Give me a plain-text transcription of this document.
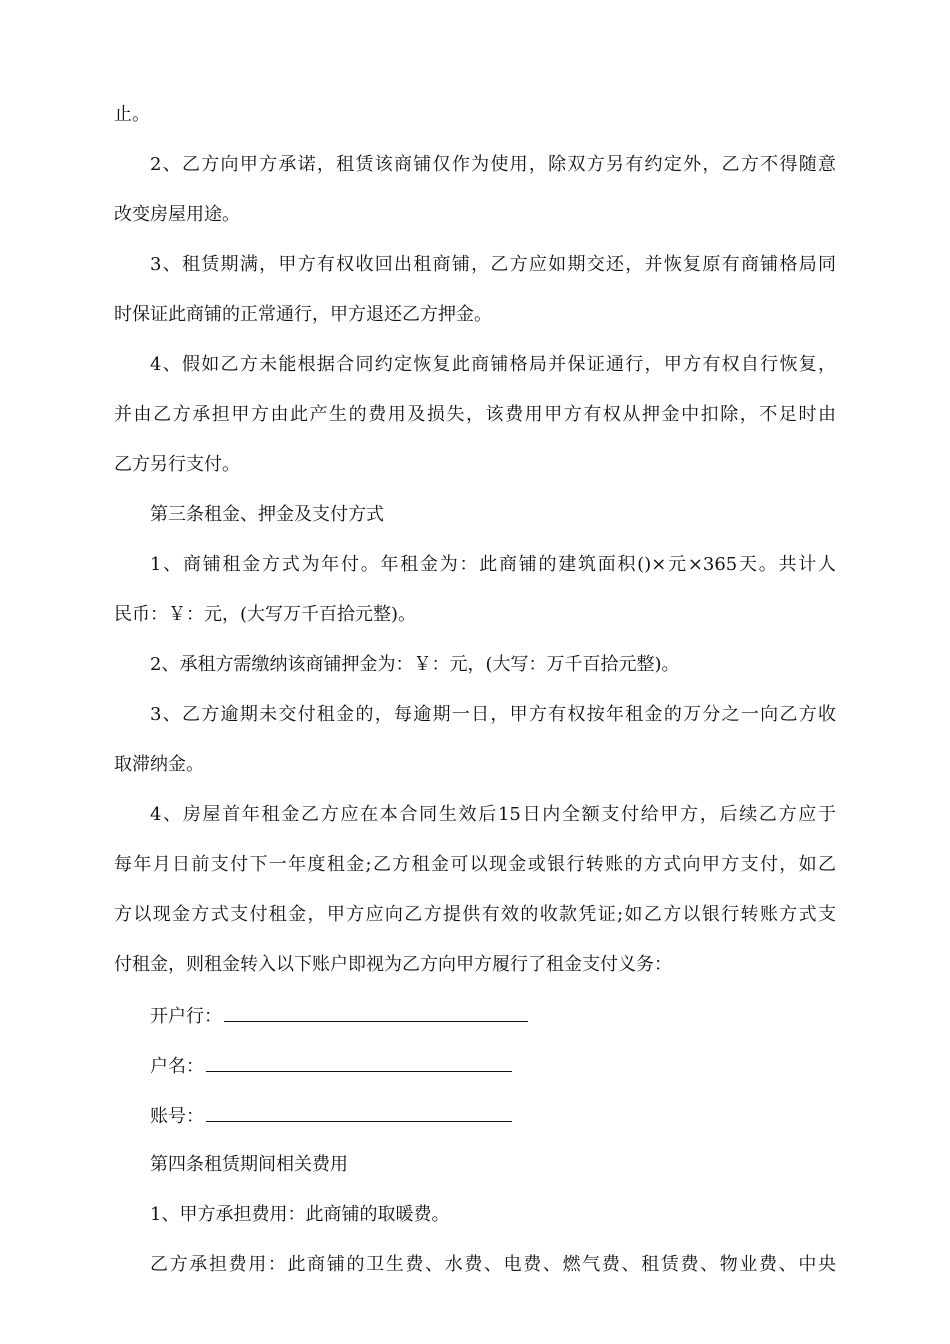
止。
2、乙方向甲方承诺，租赁该商铺仅作为使用，除双方另有约定外，乙方不得随意
改变房屋用途。
3、租赁期满，甲方有权收回出租商铺，乙方应如期交还，并恢复原有商铺格局同
时保证此商铺的正常通行，甲方退还乙方押金。
4、假如乙方未能根据合同约定恢复此商铺格局并保证通行，甲方有权自行恢复，
并由乙方承担甲方由此产生的费用及损失，该费用甲方有权从押金中扣除，不足时由
乙方另行支付。
第三条租金、押金及支付方式
1、商铺租金方式为年付。年租金为：此商铺的建筑面积()×元×365天。共计人
民币：￥：元，(大写万千百拾元整)。
2、承租方需缴纳该商铺押金为：￥：元，(大写：万千百拾元整)。
3、乙方逾期未交付租金的，每逾期一日，甲方有权按年租金的万分之一向乙方收
取滞纳金。
4、房屋首年租金乙方应在本合同生效后15日内全额支付给甲方，后续乙方应于
每年月日前支付下一年度租金;乙方租金可以现金或银行转账的方式向甲方支付，如乙
方以现金方式支付租金，甲方应向乙方提供有效的收款凭证;如乙方以银行转账方式支
付租金，则租金转入以下账户即视为乙方向甲方履行了租金支付义务：
开户行：
户名：
账号：
第四条租赁期间相关费用
1、甲方承担费用：此商铺的取暖费。
乙方承担费用：此商铺的卫生费、水费、电费、燃气费、租赁费、物业费、中央
